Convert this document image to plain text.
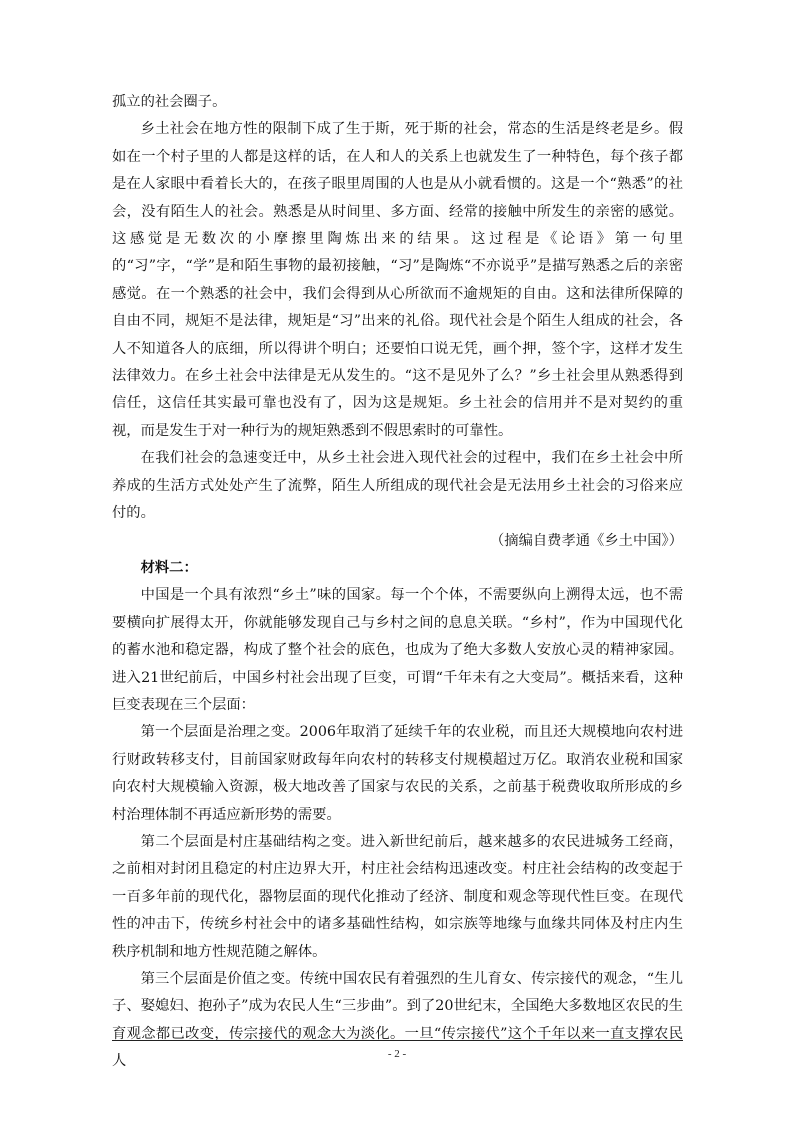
孤立的社会圈子。

乡土社会在地方性的限制下成了生于斯，死于斯的社会，常态的生活是终老是乡。假如在一个村子里的人都是这样的话，在人和人的关系上也就发生了一种特色，每个孩子都是在人家眼中看着长大的，在孩子眼里周围的人也是从小就看惯的。这是一个“熟悉”的社会，没有陌生人的社会。熟悉是从时间里、多方面、经常的接触中所发生的亲密的感觉。这感觉是无数次的小摩擦里陶炼出来的结果。这过程是《论语》第一句里的“习”字，“学”是和陌生事物的最初接触，“习”是陶炼“不亦说乎”是描写熟悉之后的亲密感觉。在一个熟悉的社会中，我们会得到从心所欲而不逾规矩的自由。这和法律所保障的自由不同，规矩不是法律，规矩是“习”出来的礼俗。现代社会是个陌生人组成的社会，各人不知道各人的底细，所以得讲个明白；还要怕口说无凭，画个押，签个字，这样才发生法律效力。在乡土社会中法律是无从发生的。“这不是见外了么？”乡土社会里从熟悉得到信任，这信任其实最可靠也没有了，因为这是规矩。乡土社会的信用并不是对契约的重视，而是发生于对一种行为的规矩熟悉到不假思索时的可靠性。

在我们社会的急速变迁中，从乡土社会进入现代社会的过程中，我们在乡土社会中所养成的生活方式处处产生了流弊，陌生人所组成的现代社会是无法用乡土社会的习俗来应付的。

（摘编自费孝通《乡土中国》）

材料二：

中国是一个具有浓烈“乡土”味的国家。每一个个体，不需要纵向上溯得太远，也不需要横向扩展得太开，你就能够发现自己与乡村之间的息息关联。“乡村”，作为中国现代化的蓄水池和稳定器，构成了整个社会的底色，也成为了绝大多数人安放心灵的精神家园。进入21世纪前后，中国乡村社会出现了巨变，可谓“千年未有之大变局”。概括来看，这种巨变表现在三个层面：

第一个层面是治理之变。2006年取消了延续千年的农业税，而且还大规模地向农村进行财政转移支付，目前国家财政每年向农村的转移支付规模超过万亿。取消农业税和国家向农村大规模输入资源，极大地改善了国家与农民的关系，之前基于税费收取所形成的乡村治理体制不再适应新形势的需要。

第二个层面是村庄基础结构之变。进入新世纪前后，越来越多的农民进城务工经商，之前相对封闭且稳定的村庄边界大开，村庄社会结构迅速改变。村庄社会结构的改变起于一百多年前的现代化，器物层面的现代化推动了经济、制度和观念等现代性巨变。在现代性的冲击下，传统乡村社会中的诸多基础性结构，如宗族等地缘与血缘共同体及村庄内生秩序机制和地方性规范随之解体。

第三个层面是价值之变。传统中国农民有着强烈的生儿育女、传宗接代的观念，“生儿子、娶媳妇、抱孙子”成为农民人生“三步曲”。到了20世纪末，全国绝大多数地区农民的生育观念都已改变，传宗接代的观念大为淡化。一旦“传宗接代”这个千年以来一直支撑农民人	- 2 -
